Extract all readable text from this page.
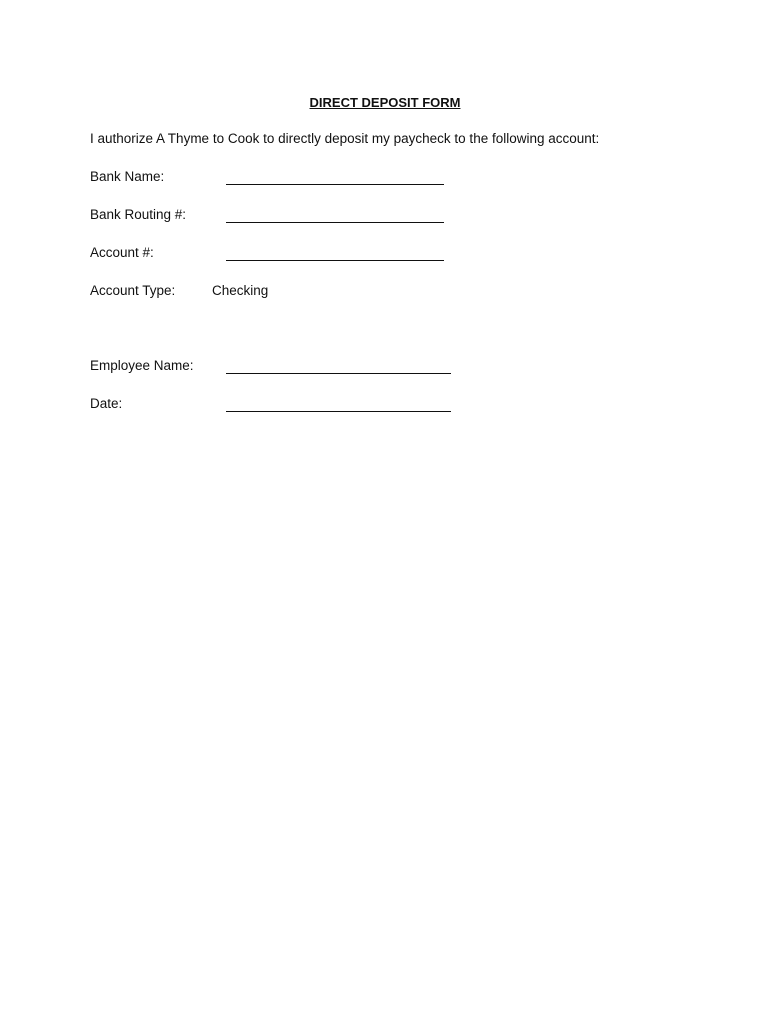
DIRECT DEPOSIT FORM
I authorize A Thyme to Cook to directly deposit my paycheck to the following account:
Bank Name:
Bank Routing #:
Account #:
Account Type:	Checking
Employee Name:
Date:
